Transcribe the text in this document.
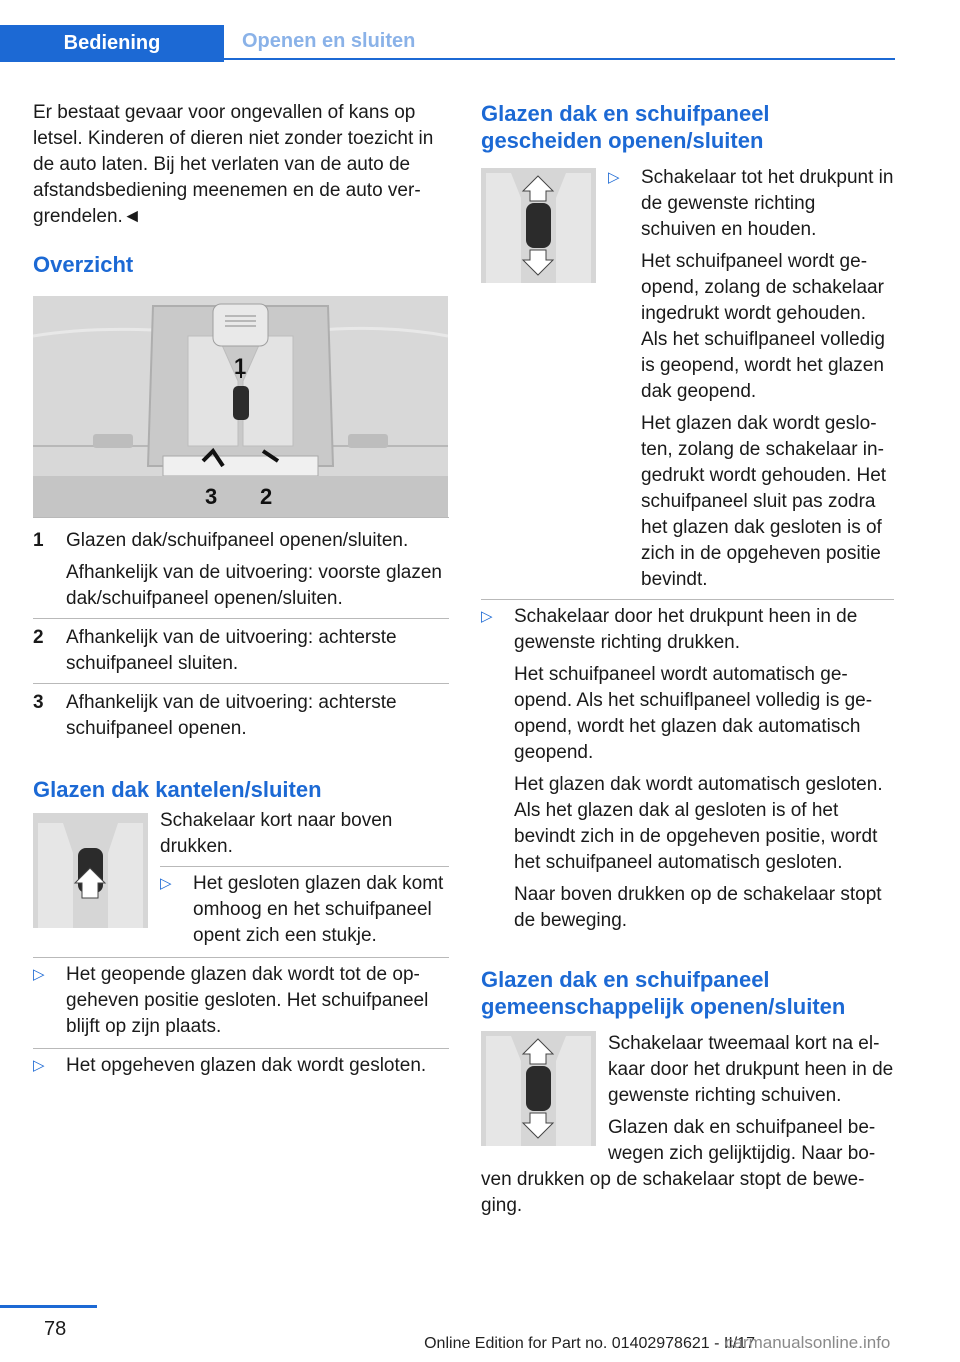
Bediening	Openen en sluiten

Er bestaat gevaar voor ongevallen of kans op letsel. Kinderen of dieren niet zonder toezicht in de auto laten. Bij het verlaten van de auto de afstandsbediening meenemen en de auto vergrendelen.◄

Overzicht

1
3 2
1	Glazen dak/schuifpaneel openen/sluiten.

Afhankelijk van de uitvoering: voorste glazen dak/schuifpaneel openen/sluiten.

2	Afhankelijk van de uitvoering: achterste schuifpaneel sluiten.

3	Afhankelijk van de uitvoering: achterste schuifpaneel openen.

Glazen dak kantelen/sluiten

Schakelaar kort naar boven drukken.

▷	Het gesloten glazen dak komt omhoog en het schuifpaneel opent zich een stukje.

▷	Het geopende glazen dak wordt tot de opgeheven positie gesloten. Het schuifpaneel blijft op zijn plaats.

▷	Het opgeheven glazen dak wordt gesloten.

Glazen dak en schuifpaneel gescheiden openen/sluiten

▷	Schakelaar tot het drukpunt in de gewenste richting schuiven en houden.

Het schuifpaneel wordt geopend, zolang de schakelaar ingedrukt wordt gehouden. Als het schuiflpaneel volledig is geopend, wordt het glazen dak geopend.

Het glazen dak wordt gesloten, zolang de schakelaar ingedrukt wordt gehouden. Het schuifpaneel sluit pas zodra het glazen dak gesloten is of zich in de opgeheven positie bevindt.

▷	Schakelaar door het drukpunt heen in de gewenste richting drukken.

Het schuifpaneel wordt automatisch geopend. Als het schuiflpaneel volledig is geopend, wordt het glazen dak automatisch geopend.

Het glazen dak wordt automatisch gesloten. Als het glazen dak al gesloten is of het bevindt zich in de opgeheven positie, wordt het schuifpaneel automatisch gesloten.

Naar boven drukken op de schakelaar stopt de beweging.

Glazen dak en schuifpaneel gemeenschappelijk openen/sluiten

Schakelaar tweemaal kort na elkaar door het drukpunt heen in de gewenste richting schuiven.

Glazen dak en schuifpaneel bewegen zich gelijktijdig. Naar boven drukken op de schakelaar stopt de beweging.

78
Online Edition for Part no. 01402978621 - II/17
carmanualsonline.info
